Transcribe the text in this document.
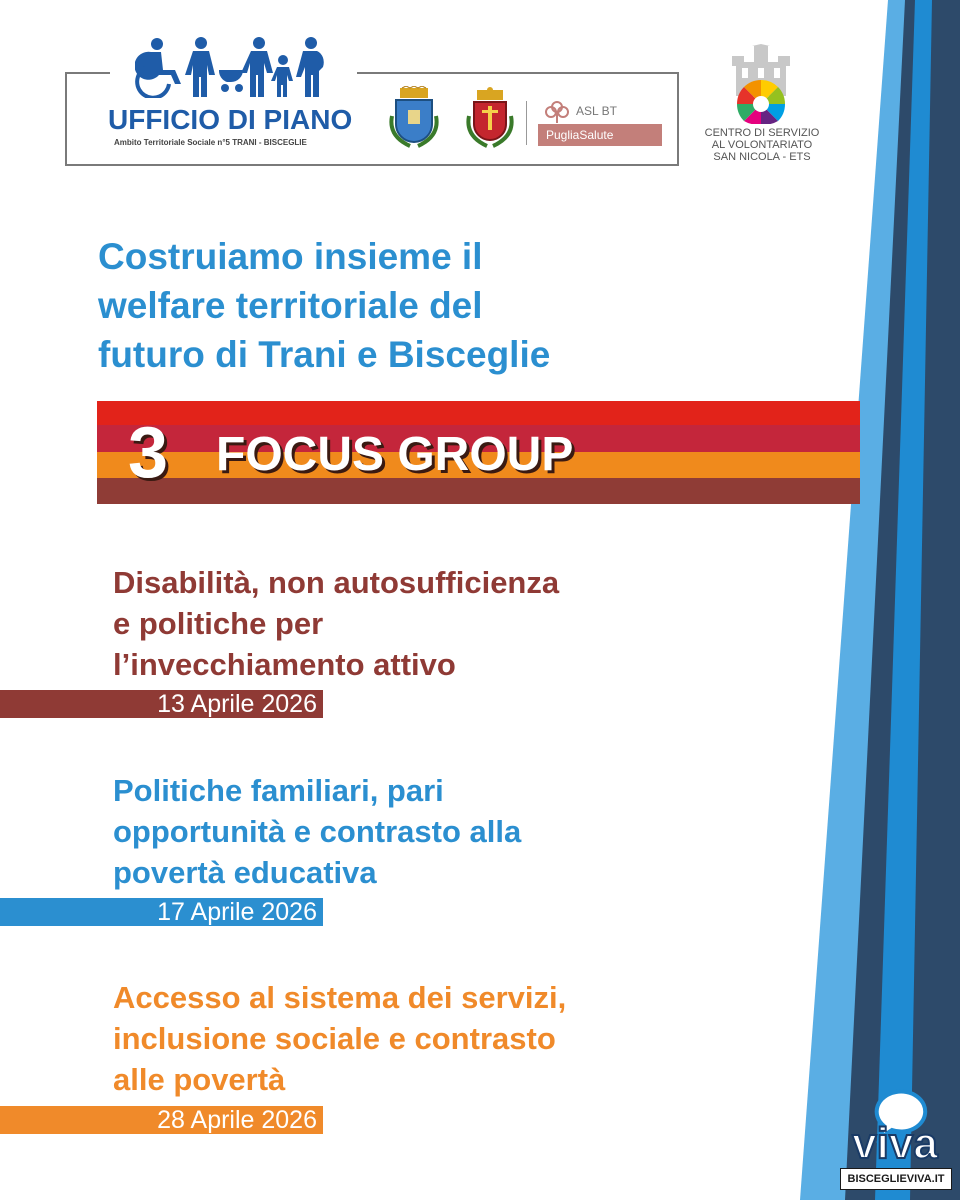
UFFICIO DI PIANO
Ambito Territoriale Sociale n°5 TRANI - BISCEGLIE
ASL BT
PugliaSalute	CENTRO DI SERVIZIO
AL VOLONTARIATO
SAN NICOLA - ETS
Costruiamo insieme il
welfare territoriale del
futuro di Trani e Bisceglie
3 FOCUS GROUP
Disabilità, non autosufficienza
e politiche per
l’invecchiamento attivo
13 Aprile 2026
Politiche familiari, pari
opportunità e contrasto alla
povertà educativa
17 Aprile 2026
Accesso al sistema dei servizi,
inclusione sociale e contrasto
alle povertà
28 Aprile 2026	viva
BISCEGLIEVIVA.IT
